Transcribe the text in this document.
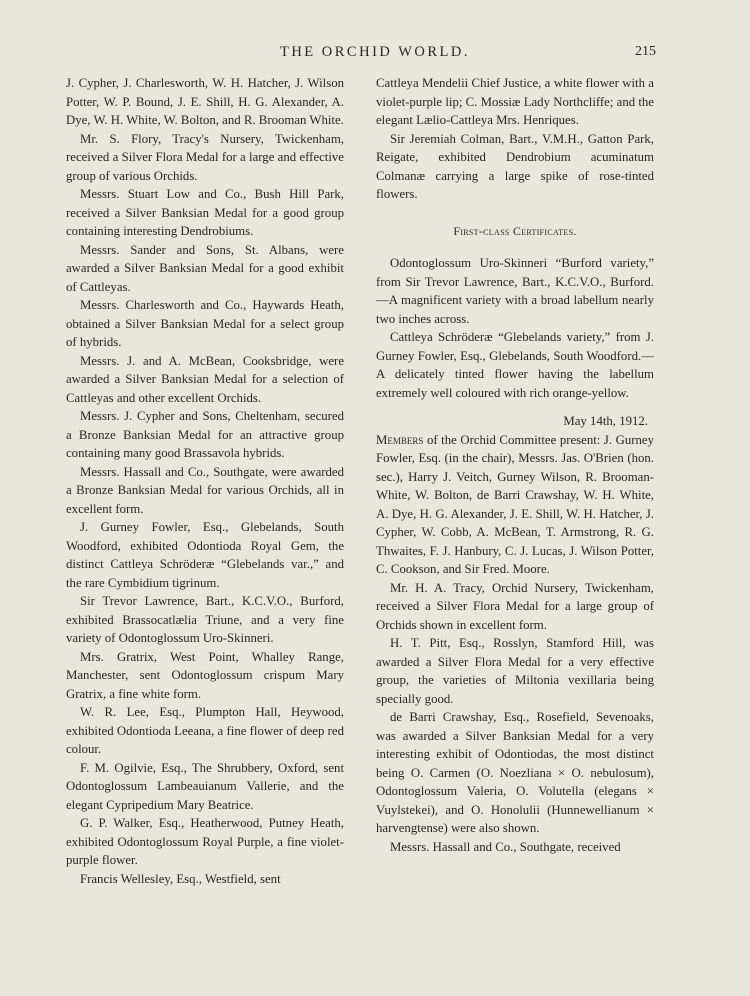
THE ORCHID WORLD.	215

J. Cypher, J. Charlesworth, W. H. Hatcher, J. Wilson Potter, W. P. Bound, J. E. Shill, H. G. Alexander, A. Dye, W. H. White, W. Bolton, and R. Brooman White.

Mr. S. Flory, Tracy's Nursery, Twickenham, received a Silver Flora Medal for a large and effective group of various Orchids.

Messrs. Stuart Low and Co., Bush Hill Park, received a Silver Banksian Medal for a good group containing interesting Dendrobiums.

Messrs. Sander and Sons, St. Albans, were awarded a Silver Banksian Medal for a good exhibit of Cattleyas.

Messrs. Charlesworth and Co., Haywards Heath, obtained a Silver Banksian Medal for a select group of hybrids.

Messrs. J. and A. McBean, Cooksbridge, were awarded a Silver Banksian Medal for a selection of Cattleyas and other excellent Orchids.

Messrs. J. Cypher and Sons, Cheltenham, secured a Bronze Banksian Medal for an attractive group containing many good Brassavola hybrids.

Messrs. Hassall and Co., Southgate, were awarded a Bronze Banksian Medal for various Orchids, all in excellent form.

J. Gurney Fowler, Esq., Glebelands, South Woodford, exhibited Odontioda Royal Gem, the distinct Cattleya Schröderæ “Glebelands var.,” and the rare Cymbidium tigrinum.

Sir Trevor Lawrence, Bart., K.C.V.O., Burford, exhibited Brassocatlælia Triune, and a very fine variety of Odontoglossum Uro-Skinneri.

Mrs. Gratrix, West Point, Whalley Range, Manchester, sent Odontoglossum crispum Mary Gratrix, a fine white form.

W. R. Lee, Esq., Plumpton Hall, Heywood, exhibited Odontioda Leeana, a fine flower of deep red colour.

F. M. Ogilvie, Esq., The Shrubbery, Oxford, sent Odontoglossum Lambeauianum Vallerie, and the elegant Cypripedium Mary Beatrice.

G. P. Walker, Esq., Heatherwood, Putney Heath, exhibited Odontoglossum Royal Purple, a fine violet-purple flower.

Francis Wellesley, Esq., Westfield, sent

Cattleya Mendelii Chief Justice, a white flower with a violet-purple lip; C. Mossiæ Lady Northcliffe; and the elegant Lælio-Cattleya Mrs. Henriques.

Sir Jeremiah Colman, Bart., V.M.H., Gatton Park, Reigate, exhibited Dendrobium acuminatum Colmanæ carrying a large spike of rose-tinted flowers.

First-class Certificates.

Odontoglossum Uro-Skinneri “Burford variety,” from Sir Trevor Lawrence, Bart., K.C.V.O., Burford.—A magnificent variety with a broad labellum nearly two inches across.

Cattleya Schröderæ “Glebelands variety,” from J. Gurney Fowler, Esq., Glebelands, South Woodford.—A delicately tinted flower having the labellum extremely well coloured with rich orange-yellow.

May 14th, 1912.

Members of the Orchid Committee present: J. Gurney Fowler, Esq. (in the chair), Messrs. Jas. O'Brien (hon. sec.), Harry J. Veitch, Gurney Wilson, R. Brooman-White, W. Bolton, de Barri Crawshay, W. H. White, A. Dye, H. G. Alexander, J. E. Shill, W. H. Hatcher, J. Cypher, W. Cobb, A. McBean, T. Armstrong, R. G. Thwaites, F. J. Hanbury, C. J. Lucas, J. Wilson Potter, C. Cookson, and Sir Fred. Moore.

Mr. H. A. Tracy, Orchid Nursery, Twickenham, received a Silver Flora Medal for a large group of Orchids shown in excellent form.

H. T. Pitt, Esq., Rosslyn, Stamford Hill, was awarded a Silver Flora Medal for a very effective group, the varieties of Miltonia vexillaria being specially good.

de Barri Crawshay, Esq., Rosefield, Sevenoaks, was awarded a Silver Banksian Medal for a very interesting exhibit of Odontiodas, the most distinct being O. Carmen (O. Noezliana × O. nebulosum), Odontoglossum Valeria, O. Volutella (elegans × Vuylstekei), and O. Honolulii (Hunnewellianum × harvengtense) were also shown.

Messrs. Hassall and Co., Southgate, received
